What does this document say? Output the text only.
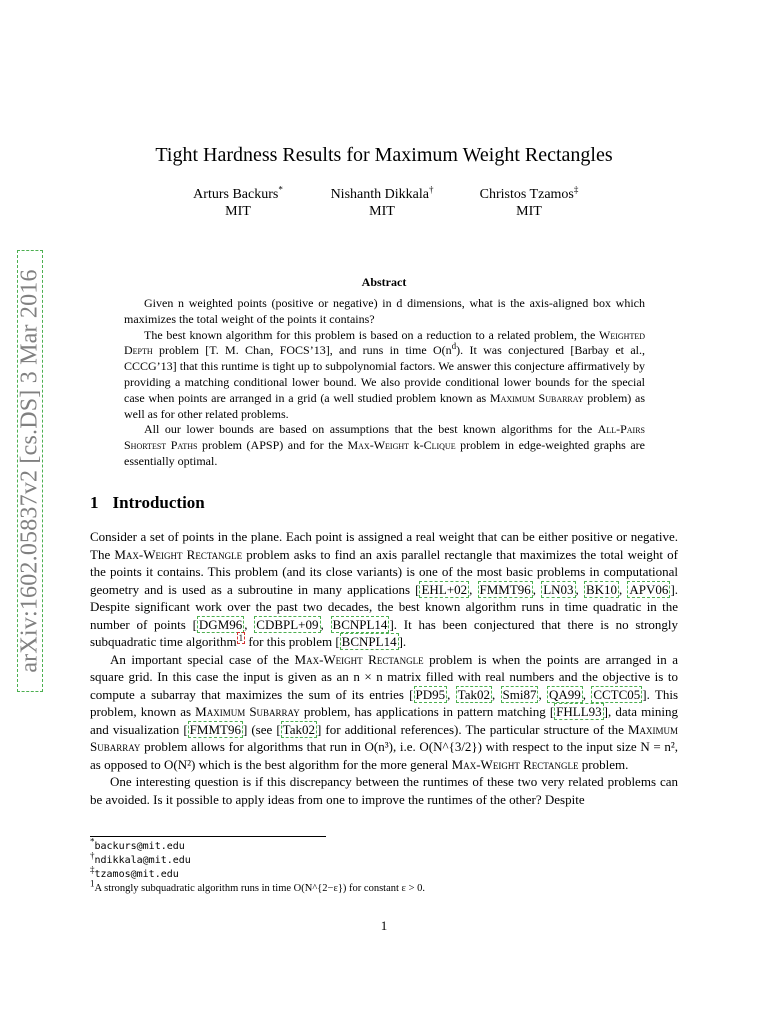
arXiv:1602.05837v2 [cs.DS] 3 Mar 2016
Tight Hardness Results for Maximum Weight Rectangles
Arturs Backurs*
MIT
Nishanth Dikkala†
MIT
Christos Tzamos‡
MIT
Abstract

Given n weighted points (positive or negative) in d dimensions, what is the axis-aligned box which maximizes the total weight of the points it contains?

The best known algorithm for this problem is based on a reduction to a related problem, the Weighted Depth problem [T. M. Chan, FOCS’13], and runs in time $O(n^d)$. It was conjectured [Barbay et al., CCCG’13] that this runtime is tight up to subpolynomial factors. We answer this conjecture affirmatively by providing a matching conditional lower bound. We also provide conditional lower bounds for the special case when points are arranged in a grid (a well studied problem known as Maximum Subarray problem) as well as for other related problems.

All our lower bounds are based on assumptions that the best known algorithms for the All-Pairs Shortest Paths problem (APSP) and for the Max-Weight k-Clique problem in edge-weighted graphs are essentially optimal.

1 Introduction

Consider a set of points in the plane. Each point is assigned a real weight that can be either positive or negative. The Max-Weight Rectangle problem asks to find an axis parallel rectangle that maximizes the total weight of the points it contains. This problem (and its close variants) is one of the most basic problems in computational geometry and is used as a subroutine in many applications [ EHL+02 , FMMT96 , LN03 , BK10 , APV06 ]. Despite significant work over the past two decades, the best known algorithm runs in time quadratic in the number of points [ DGM96 , CDBPL+09 , BCNPL14 ]. It has been conjectured that there is no strongly subquadratic time algorithm $^1$ for this problem [ BCNPL14 ].

An important special case of the Max-Weight Rectangle problem is when the points are arranged in a square grid. In this case the input is given as an n × n matrix filled with real numbers and the objective is to compute a subarray that maximizes the sum of its entries [ PD95 , Tak02 , Smi87 , QA99 , CCTC05 ]. This problem, known as Maximum Subarray problem, has applications in pattern matching [ FHLL93 ], data mining and visualization [ FMMT96 ] (see [ Tak02 ] for additional references). The particular structure of the Maximum Subarray problem allows for algorithms that run in O(n³), i.e. O(N^{3/2}) with respect to the input size N = n², as opposed to O(N²) which is the best algorithm for the more general Max-Weight Rectangle problem.

One interesting question is if this discrepancy between the runtimes of these two very related problems can be avoided. Is it possible to apply ideas from one to improve the runtimes of the other? Despite

*backurs@mit.edu
†ndikkala@mit.edu
‡tzamos@mit.edu
$^1$A strongly subquadratic algorithm runs in time O(N^{2−ε}) for constant ε > 0.
1
